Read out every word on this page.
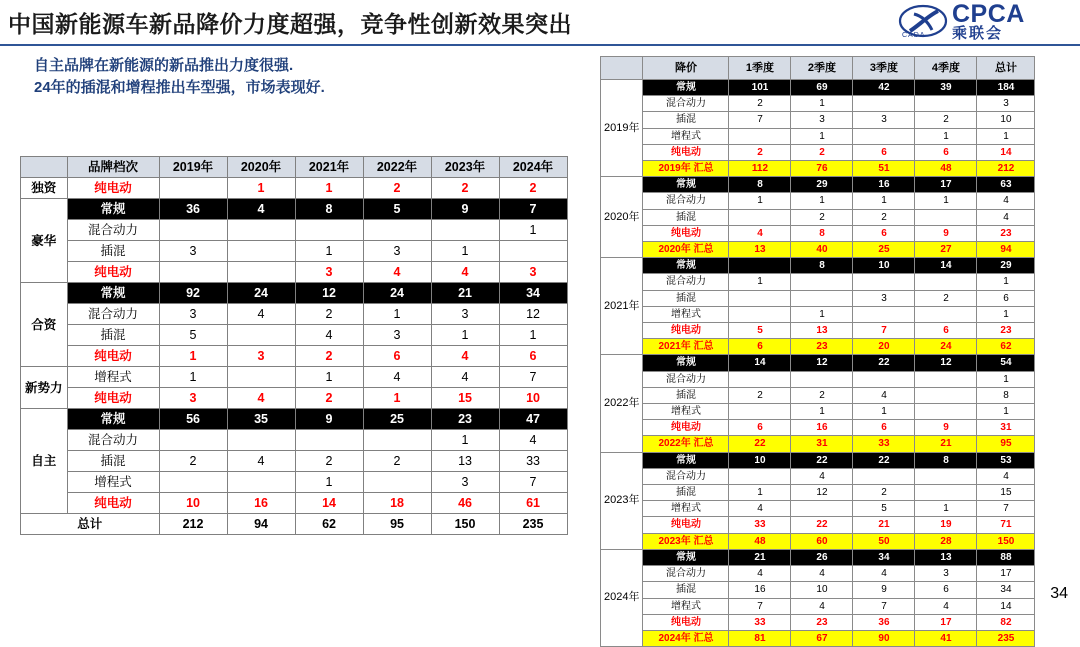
中国新能源车新品降价力度超强，竞争性创新效果突出	CADA
CPCA
乘联会
自主品牌在新能源的新品推出力度很强.
24年的插混和增程推出车型强，市场表现好.
	品牌档次	2019年	2020年	2021年	2022年	2023年	2024年
独资	纯电动		1	1	2	2	2
豪华	常规	36	4	8	5	9	7
	混合动力						1
	插混	3		1	3	1	
	纯电动			3	4	4	3
合资	常规	92	24	12	24	21	34
	混合动力	3	4	2	1	3	12
	插混	5		4	3	1	1
	纯电动	1	3	2	6	4	6
新势力	增程式	1		1	4	4	7
	纯电动	3	4	2	1	15	10
自主	常规	56	35	9	25	23	47
	混合动力					1	4
	插混	2	4	2	2	13	33
	增程式			1		3	7
	纯电动	10	16	14	18	46	61
总计		212	94	62	95	150	235
	降价	1季度	2季度	3季度	4季度	总计
2019年	常规	101	69	42	39	184
	混合动力	2	1			3
	插混	7	3	3	2	10
	增程式		1		1	1
	纯电动	2	2	6	6	14
	2019年 汇总	112	76	51	48	212
2020年	常规	8	29	16	17	63
	混合动力	1	1	1	1	4
	插混		2	2		4
	纯电动	4	8	6	9	23
	2020年 汇总	13	40	25	27	94
2021年	常规		8	10	14	29
	混合动力	1				1
	插混			3	2	6
	增程式		1			1
	纯电动	5	13	7	6	23
	2021年 汇总	6	23	20	24	62
2022年	常规	14	12	22	12	54
	混合动力					1
	插混	2	2	4		8
	增程式		1	1		1
	纯电动	6	16	6	9	31
	2022年 汇总	22	31	33	21	95
2023年	常规	10	22	22	8	53
	混合动力		4			4
	插混	1	12	2		15
	增程式	4		5	1	7
	纯电动	33	22	21	19	71
	2023年 汇总	48	60	50	28	150
2024年	常规	21	26	34	13	88
	混合动力	4	4	4	3	17
	插混	16	10	9	6	34
	增程式	7	4	7	4	14
	纯电动	33	23	36	17	82
	2024年 汇总	81	67	90	41	235
34
